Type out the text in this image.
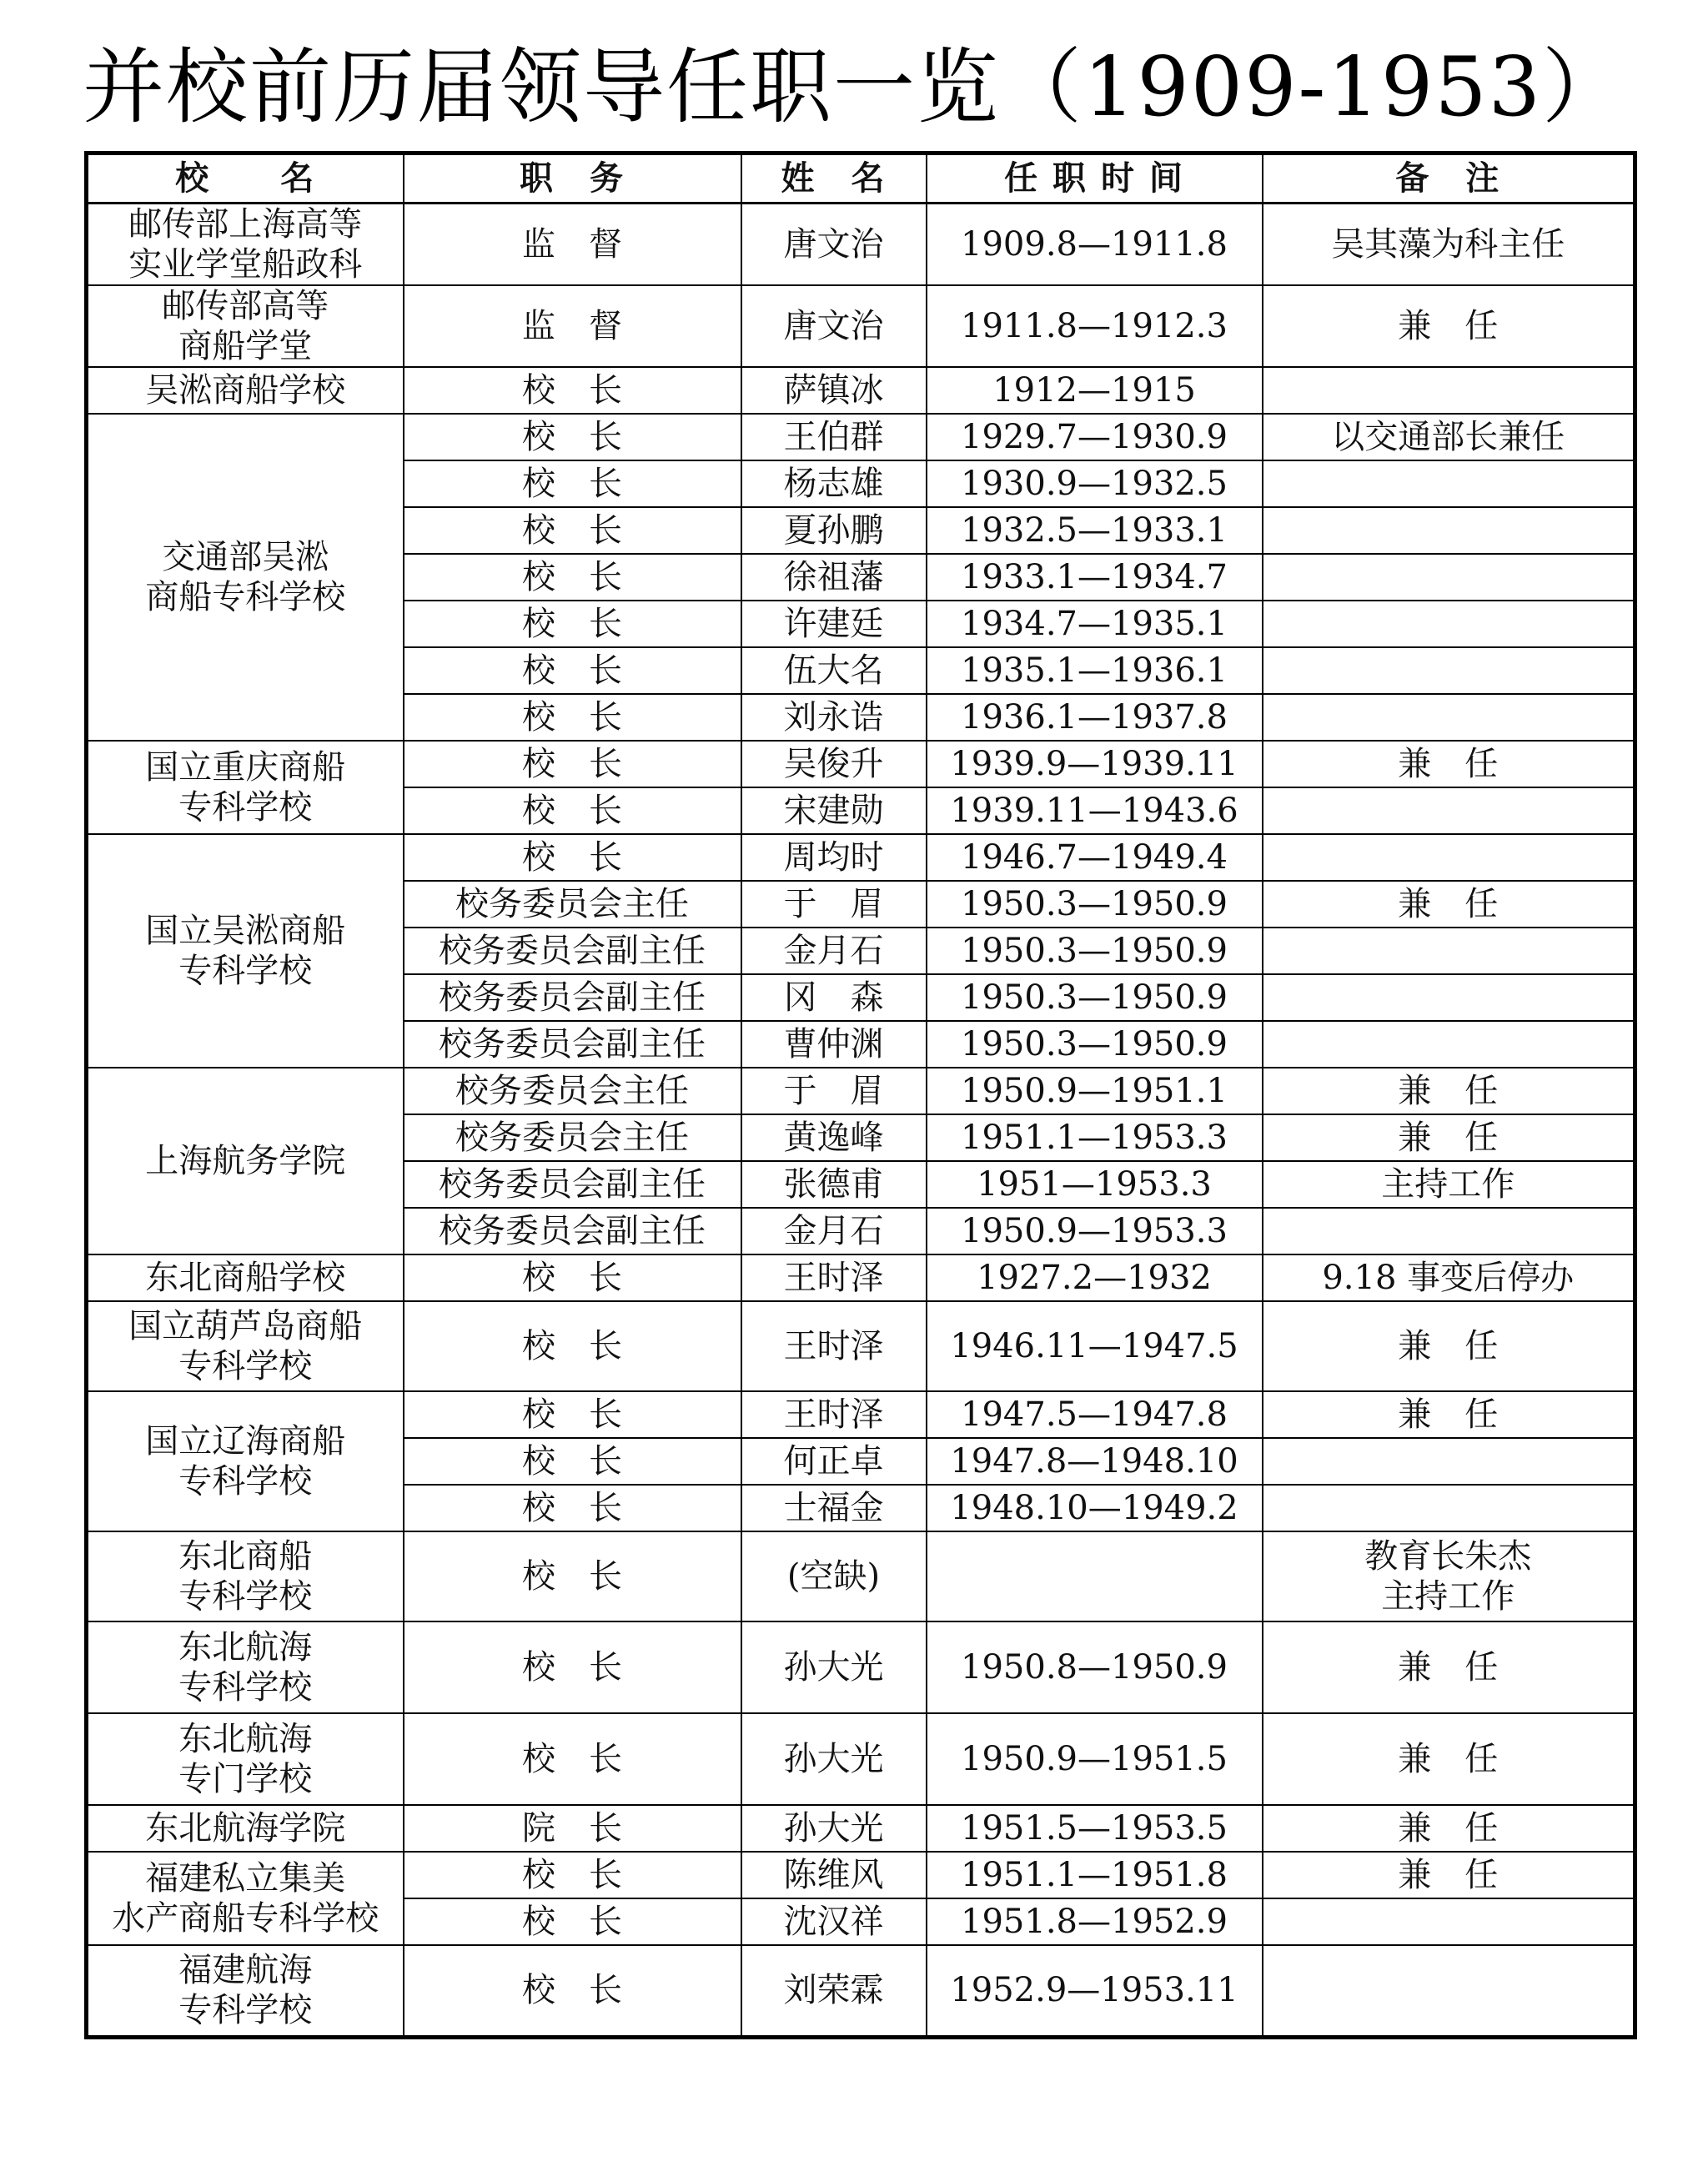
并校前历届领导任职一览（1909-1953）
校　　名	职　务	姓　名	任 职 时 间	备　注
邮传部上海高等
实业学堂船政科	监　督	唐文治	1909.8—1911.8	吴其藻为科主任
邮传部高等
商船学堂	监　督	唐文治	1911.8—1912.3	兼　任
吴淞商船学校	校　长	萨镇冰	1912—1915	
交通部吴淞
商船专科学校	校　长	王伯群	1929.7—1930.9	以交通部长兼任
	校　长	杨志雄	1930.9—1932.5	
	校　长	夏孙鹏	1932.5—1933.1	
	校　长	徐祖藩	1933.1—1934.7	
	校　长	许建廷	1934.7—1935.1	
	校　长	伍大名	1935.1—1936.1	
	校　长	刘永诰	1936.1—1937.8	
国立重庆商船
专科学校	校　长	吴俊升	1939.9—1939.11	兼　任
	校　长	宋建勋	1939.11—1943.6	
国立吴淞商船
专科学校	校　长	周均时	1946.7—1949.4	
	校务委员会主任	于　眉	1950.3—1950.9	兼　任
	校务委员会副主任	金月石	1950.3—1950.9	
	校务委员会副主任	冈　森	1950.3—1950.9	
	校务委员会副主任	曹仲渊	1950.3—1950.9	
上海航务学院	校务委员会主任	于　眉	1950.9—1951.1	兼　任
	校务委员会主任	黄逸峰	1951.1—1953.3	兼　任
	校务委员会副主任	张德甫	1951—1953.3	主持工作
	校务委员会副主任	金月石	1950.9—1953.3	
东北商船学校	校　长	王时泽	1927.2—1932	9.18 事变后停办
国立葫芦岛商船
专科学校	校　长	王时泽	1946.11—1947.5	兼　任
国立辽海商船
专科学校	校　长	王时泽	1947.5—1947.8	兼　任
	校　长	何正卓	1947.8—1948.10	
	校　长	士福金	1948.10—1949.2	
东北商船
专科学校	校　长	(空缺)		教育长朱杰
主持工作
东北航海
专科学校	校　长	孙大光	1950.8—1950.9	兼　任
东北航海
专门学校	校　长	孙大光	1950.9—1951.5	兼　任
东北航海学院	院　长	孙大光	1951.5—1953.5	兼　任
福建私立集美
水产商船专科学校	校　长	陈维风	1951.1—1951.8	兼　任
	校　长	沈汉祥	1951.8—1952.9	
福建航海
专科学校	校　长	刘荣霖	1952.9—1953.11	
